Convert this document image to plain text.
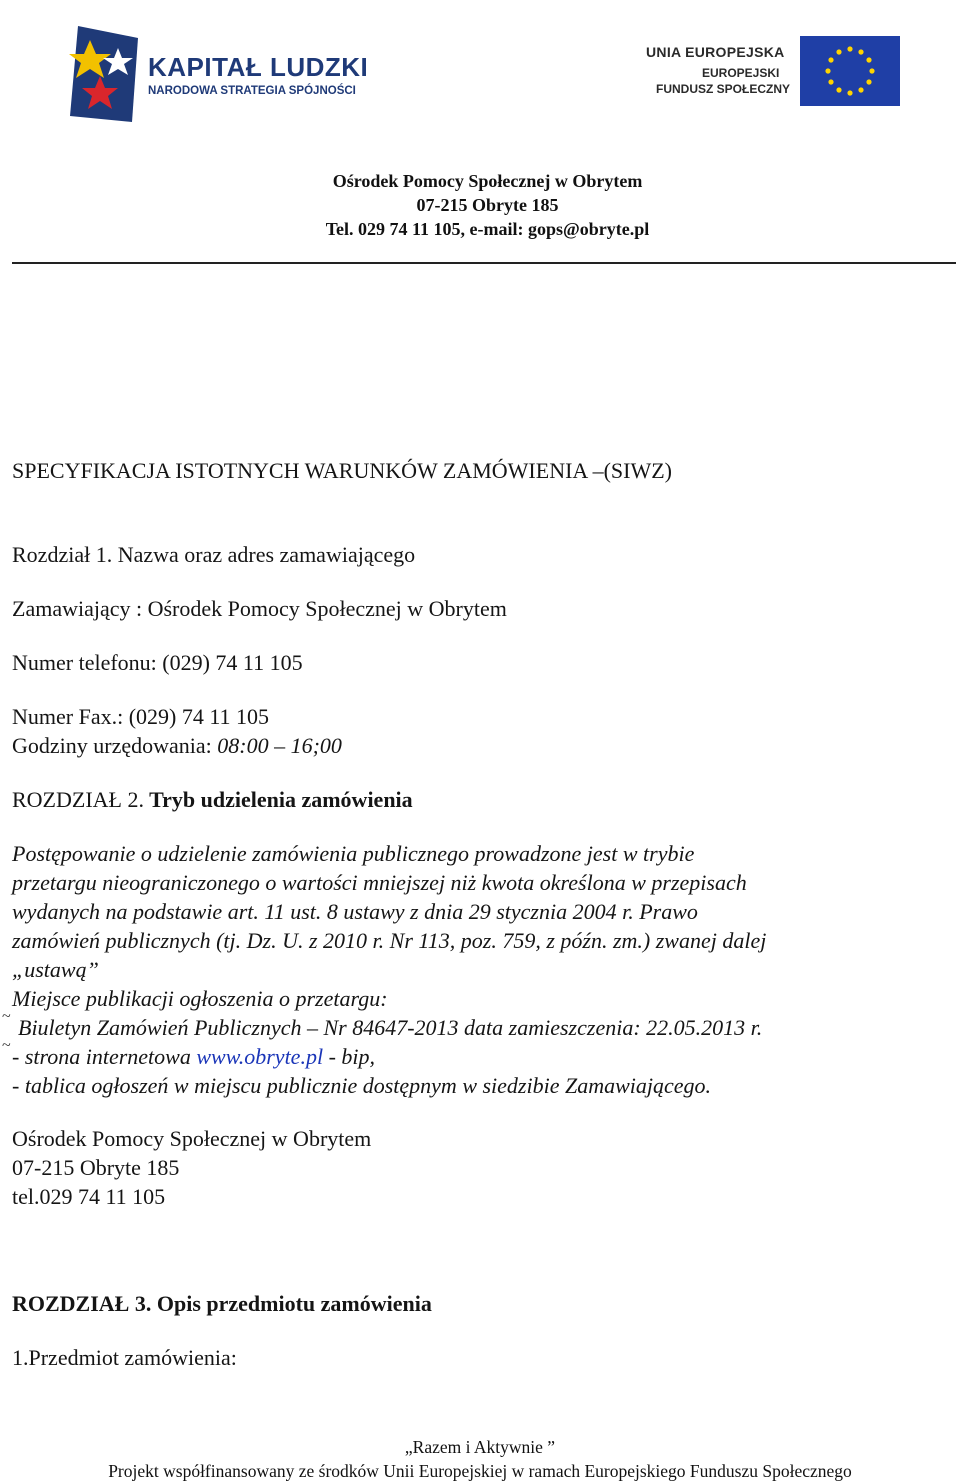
KAPITAŁ LUDZKI
NARODOWA STRATEGIA SPÓJNOŚCI
UNIA EUROPEJSKA
EUROPEJSKI
FUNDUSZ SPOŁECZNY
Ośrodek Pomocy Społecznej w Obrytem
07-215 Obryte 185
Tel. 029 74 11 105, e-mail: gops@obryte.pl
SPECYFIKACJA ISTOTNYCH WARUNKÓW ZAMÓWIENIA –(SIWZ)
Rozdział 1. Nazwa oraz adres zamawiającego
Zamawiający : Ośrodek Pomocy Społecznej w Obrytem
Numer telefonu: (029) 74 11 105
Numer Fax.: (029) 74 11 105
Godziny urzędowania: 08:00 – 16;00
ROZDZIAŁ 2. Tryb udzielenia zamówienia
Postępowanie o udzielenie zamówienia publicznego prowadzone jest w trybie
przetargu nieograniczonego o wartości mniejszej niż kwota określona w przepisach
wydanych na podstawie art. 11 ust. 8 ustawy z dnia 29 stycznia 2004 r. Prawo
zamówień publicznych (tj. Dz. U. z 2010 r. Nr 113, poz. 759, z późn. zm.) zwanej dalej
„ustawą”
Miejsce publikacji ogłoszenia o przetargu:
~ Biuletyn Zamówień Publicznych – Nr 84647-2013 data zamieszczenia: 22.05.2013 r.
~ - strona internetowa www.obryte.pl - bip,
- tablica ogłoszeń w miejscu publicznie dostępnym w siedzibie Zamawiającego.
Ośrodek Pomocy Społecznej w Obrytem
07-215 Obryte 185
tel.029 74 11 105
ROZDZIAŁ 3. Opis przedmiotu zamówienia
1.Przedmiot zamówienia:
„Razem i Aktywnie ”
Projekt współfinansowany ze środków Unii Europejskiej w ramach Europejskiego Funduszu Społecznego
